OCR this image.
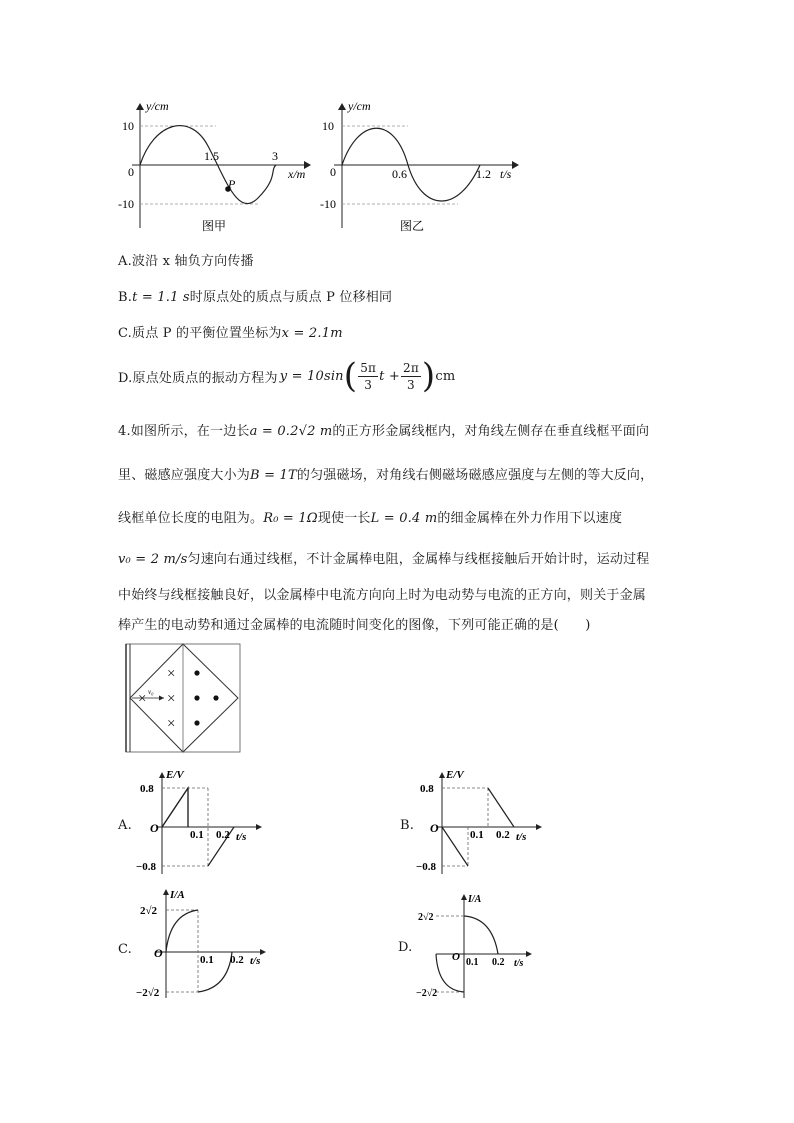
y/cm
10
-10
0
1.5	3
x/m
P
图甲
y/cm
10
-10
0	0.6	1.2 t/s
图乙
A.波沿 x 轴负方向传播
B.t = 1.1 s时原点处的质点与质点 P 位移相同
C.质点 P 的平衡位置坐标为x = 2.1m
D.原点处质点的振动方程为 y = 10sin ( $\frac{5\pi}{3}$ $t + \frac{2\pi}{3}$ ) cm
4.如图所示，在一边长a = 0.2√2 m的正方形金属线框内，对角线左侧存在垂直线框平面向
里、磁感应强度大小为B = 1T的匀强磁场，对角线右侧磁场磁感应强度与左侧的等大反向，
线框单位长度的电阻为。R₀ = 1Ω现使一长L = 0.4 m的细金属棒在外力作用下以速度
v₀ = 2 m/s匀速向右通过线框，不计金属棒电阻，金属棒与线框接触后开始计时，运动过程
中始终与线框接触良好，以金属棒中电流方向向上时为电动势与电流的正方向，则关于金属
棒产生的电动势和通过金属棒的电流随时间变化的图像，下列可能正确的是(　　)
×
×
×
× v₀
A.
E/V
0.8
−0.8
O	0.1 0.2 t/s
B.
E/V
0.8
−0.8
O	0.1 0.2 t/s
C.
I/A
2√2
−2√2
O	0.1 0.2 t/s
D.
I/A
2√2
−2√2
O 0.1 0.2 t/s
